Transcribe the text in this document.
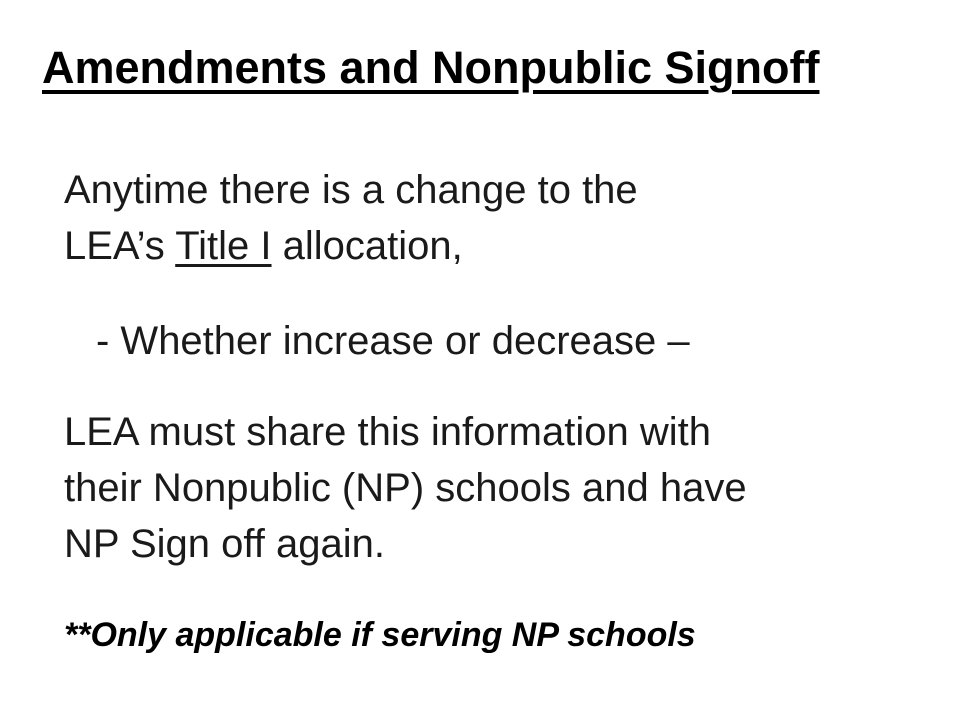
Amendments and Nonpublic Signoff

Anytime there is a change to the
LEA’s Title I allocation,

- Whether increase or decrease –

LEA must share this information with
their Nonpublic (NP) schools and have
NP Sign off again.

**Only applicable if serving NP schools
